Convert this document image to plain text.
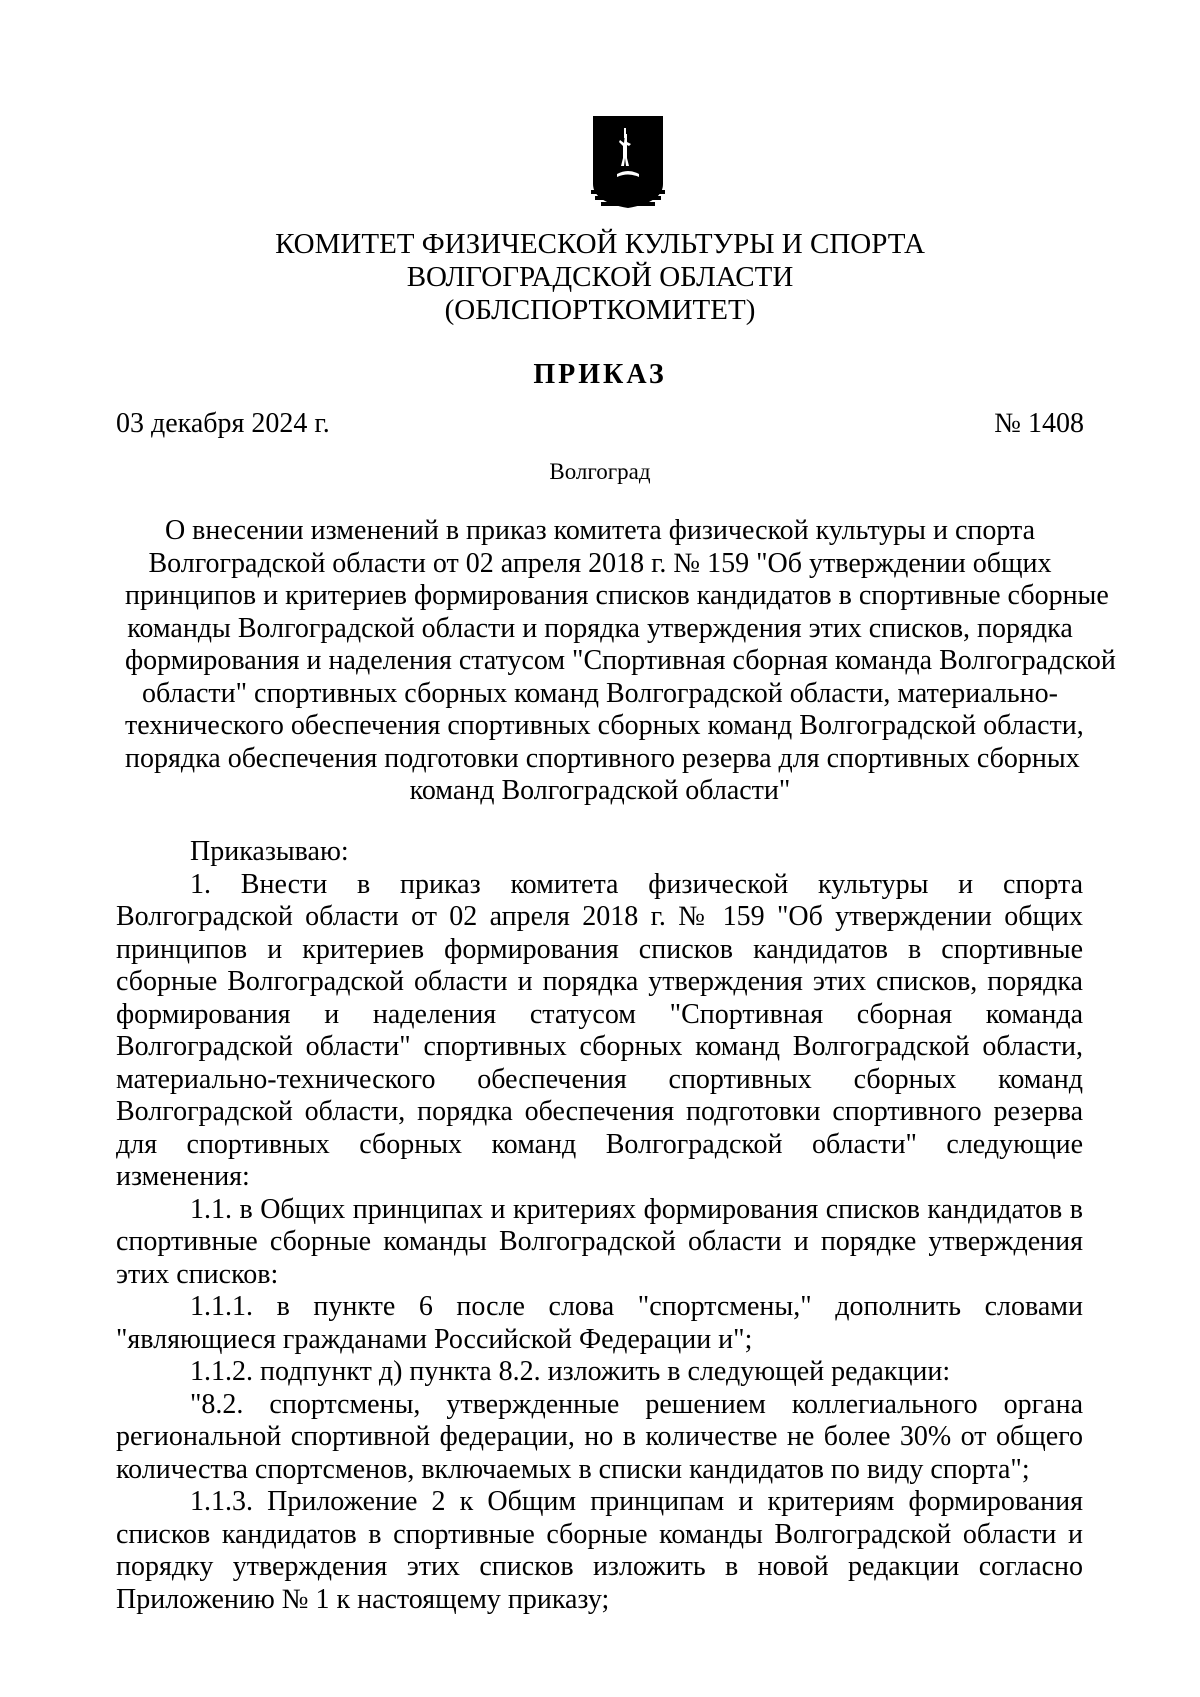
КОМИТЕТ ФИЗИЧЕСКОЙ КУЛЬТУРЫ И СПОРТА
ВОЛГОГРАДСКОЙ ОБЛАСТИ
(ОБЛСПОРТКОМИТЕТ)
ПРИКАЗ
03 декабря 2024 г.	№ 1408
Волгоград
О внесении изменений в приказ комитета физической культуры и спорта
Волгоградской области от 02 апреля 2018 г. № 159 "Об утверждении общих
принципов и критериев формирования списков кандидатов в спортивные сборные
команды Волгоградской области и порядка утверждения этих списков, порядка
формирования и наделения статусом "Спортивная сборная команда Волгоградской
области" спортивных сборных команд Волгоградской области, материально-
технического обеспечения спортивных сборных команд Волгоградской области,
порядка обеспечения подготовки спортивного резерва для спортивных сборных
команд Волгоградской области"

Приказываю:

1. Внести в приказ комитета физической культуры и спорта Волгоградской области от 02 апреля 2018 г. № 159 "Об утверждении общих принципов и критериев формирования списков кандидатов в спортивные сборные Волгоградской области и порядка утверждения этих списков, порядка формирования и наделения статусом "Спортивная сборная команда Волгоградской области" спортивных сборных команд Волгоградской области, материально-технического обеспечения спортивных сборных команд Волгоградской области, порядка обеспечения подготовки спортивного резерва для спортивных сборных команд Волгоградской области" следующие изменения:

1.1. в Общих принципах и критериях формирования списков кандидатов в спортивные сборные команды Волгоградской области и порядке утверждения этих списков:

1.1.1. в пункте 6 после слова "спортсмены," дополнить словами "являющиеся гражданами Российской Федерации и";

1.1.2. подпункт д) пункта 8.2. изложить в следующей редакции:

"8.2. спортсмены, утвержденные решением коллегиального органа региональной спортивной федерации, но в количестве не более 30% от общего количества спортсменов, включаемых в списки кандидатов по виду спорта";

1.1.3. Приложение 2 к Общим принципам и критериям формирования списков кандидатов в спортивные сборные команды Волгоградской области и порядку утверждения этих списков изложить в новой редакции согласно Приложению № 1 к настоящему приказу;
